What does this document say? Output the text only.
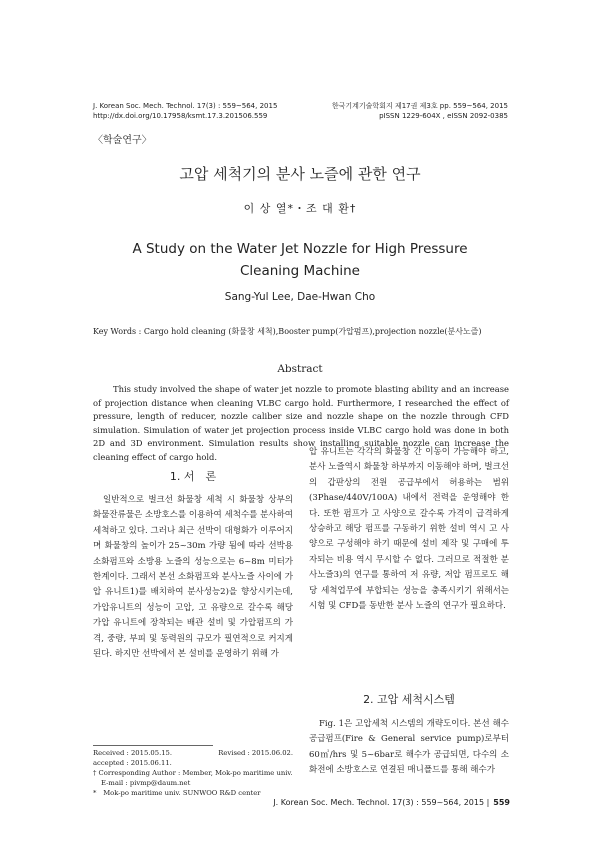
J. Korean Soc. Mech. Technol. 17(3) : 559~564, 2015
http://dx.doi.org/10.17958/ksmt.17.3.201506.559
한국기계기술학회지 제17권 제3호 pp. 559~564, 2015
pISSN 1229-604X , eISSN 2092-0385
〈학술연구〉
고압 세척기의 분사 노즐에 관한 연구
이 상 열*・조 대 환†
A Study on the Water Jet Nozzle for High Pressure
Cleaning Machine
Sang-Yul Lee, Dae-Hwan Cho
Key Words : Cargo hold cleaning (화물창 세척),Booster pump(가압펌프),projection nozzle(분사노즐)
Abstract

This study involved the shape of water jet nozzle to promote blasting ability and an increase of projection distance when cleaning VLBC cargo hold. Furthermore, I researched the effect of pressure, length of reducer, nozzle caliber size and nozzle shape on the nozzle through CFD simulation. Simulation of water jet projection process inside VLBC cargo hold was done in both 2D and 3D environment. Simulation results show installing suitable nozzle can increase the cleaning effect of cargo hold.

1. 서　론

일반적으로 벌크선 화물창 세척 시 화물창 상부의 화물잔류물은 소방호스를 이용하여 세척수를 분사하여 세척하고 있다. 그러나 최근 선박이 대형화가 이루어지며 화물창의 높이가 25~30m 가량 됨에 따라 선박용 소화펌프와 소방용 노즐의 성능으로는 6~8m 미터가 한계이다. 그래서 본선 소화펌프와 분사노즐 사이에 가압 유니트1)를 배치하여 분사성능2)을 향상시키는데, 가압유니트의 성능이 고압, 고 유량으로 갈수록 해당 가압 유니트에 장착되는 배관 설비 및 가압펌프의 가격, 중량, 부피 및 동력원의 규모가 필연적으로 커지게 된다. 하지만 선박에서 본 설비를 운영하기 위해 가

압 유니트는 각각의 화물창 간 이동이 가능해야 하고, 분사 노즐역시 화물창 하부까지 이동해야 하며, 벌크선의 갑판상의 전원 공급부에서 허용하는 범위(3Phase/440V/100A) 내에서 전력을 운영해야 한다. 또한 펌프가 고 사양으로 갈수록 가격이 급격하게 상승하고 해당 펌프를 구동하기 위한 설비 역시 고 사양으로 구성해야 하기 때문에 설비 제작 및 구매에 투자되는 비용 역시 무시할 수 없다. 그러므로 적절한 분사노즐3)의 연구를 통하여 저 유량, 저압 펌프로도 해당 세척업무에 부합되는 성능을 충족시키기 위해서는 시험 및 CFD를 동반한 분사 노즐의 연구가 필요하다.

2. 고압 세척시스템

Fig. 1은 고압세척 시스템의 개략도이다. 본선 해수공급펌프(Fire & General service pump)로부터 60㎥/hrs 및 5~6bar로 해수가 공급되면, 다수의 소화전에 소방호스로 연결된 매니폴드를 통해 해수가

Received : 2015.05.15.	Revised : 2015.06.02.
accepted : 2015.06.11.
† Corresponding Author : Member, Mok-po maritime univ.
E-mail : pivmp@daum.net
*　Mok-po maritime univ. SUNWOO R&D center
J. Korean Soc. Mech. Technol. 17(3) : 559~564, 2015 | 559
